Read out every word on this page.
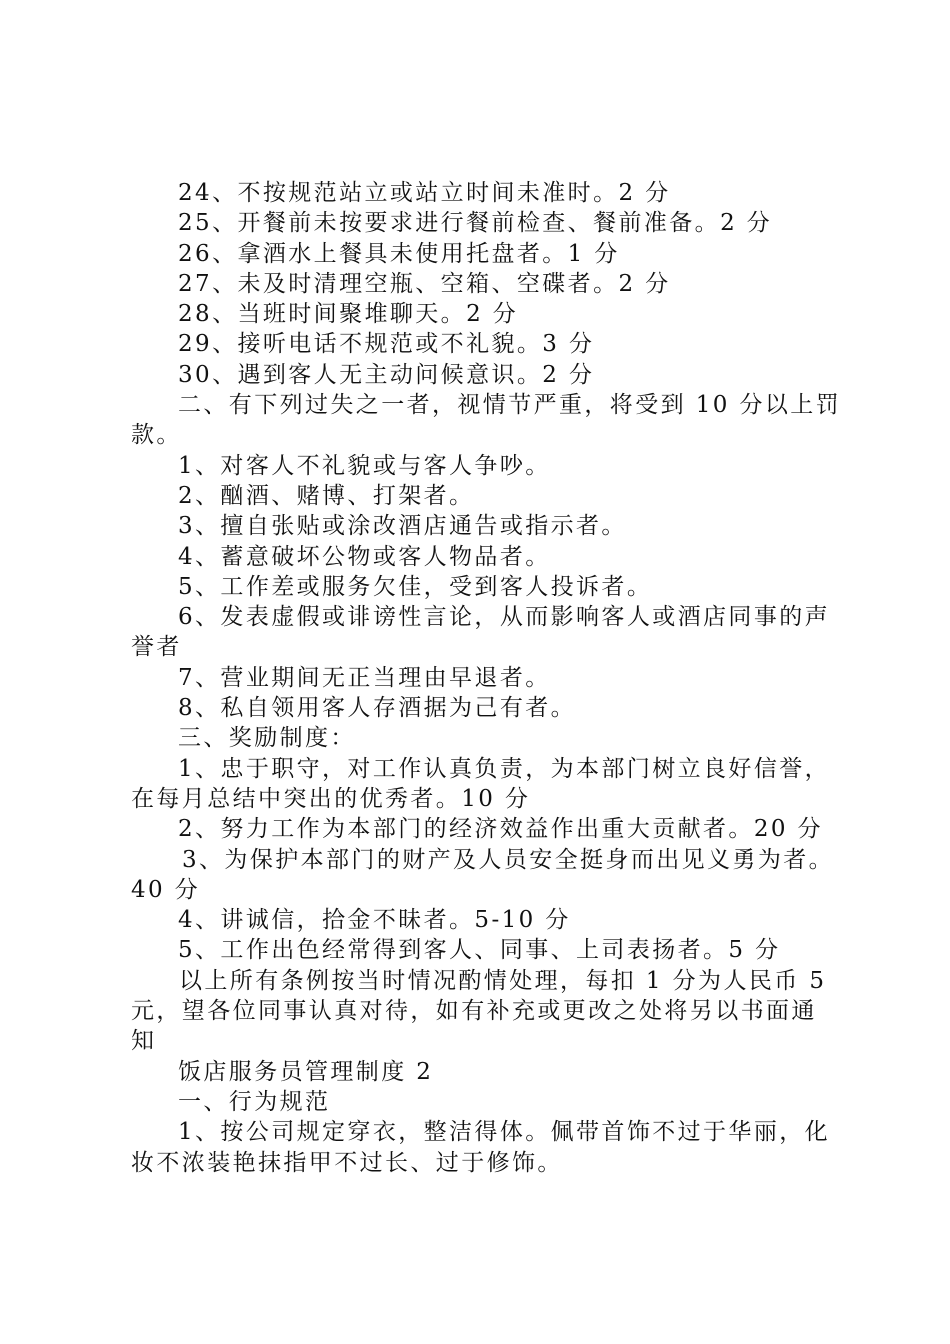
24、不按规范站立或站立时间未准时。2 分
25、开餐前未按要求进行餐前检查、餐前准备。2 分
26、拿酒水上餐具未使用托盘者。1 分
27、未及时清理空瓶、空箱、空碟者。2 分
28、当班时间聚堆聊天。2 分
29、接听电话不规范或不礼貌。3 分
30、遇到客人无主动问候意识。2 分
二、有下列过失之一者，视情节严重，将受到 10 分以上罚
款。
1、对客人不礼貌或与客人争吵。
2、酗酒、赌博、打架者。
3、擅自张贴或涂改酒店通告或指示者。
4、蓄意破坏公物或客人物品者。
5、工作差或服务欠佳，受到客人投诉者。
6、发表虚假或诽谤性言论，从而影响客人或酒店同事的声
誉者
7、营业期间无正当理由早退者。
8、私自领用客人存酒据为己有者。
三、奖励制度：
1、忠于职守，对工作认真负责，为本部门树立良好信誉，
在每月总结中突出的优秀者。10 分
2、努力工作为本部门的经济效益作出重大贡献者。20 分
3、为保护本部门的财产及人员安全挺身而出见义勇为者。
40 分
4、讲诚信，拾金不昧者。5-10 分
5、工作出色经常得到客人、同事、上司表扬者。5 分
以上所有条例按当时情况酌情处理，每扣 1 分为人民币 5
元，望各位同事认真对待，如有补充或更改之处将另以书面通
知
饭店服务员管理制度 2
一、行为规范
1、按公司规定穿衣，整洁得体。佩带首饰不过于华丽，化
妆不浓装艳抹指甲不过长、过于修饰。
